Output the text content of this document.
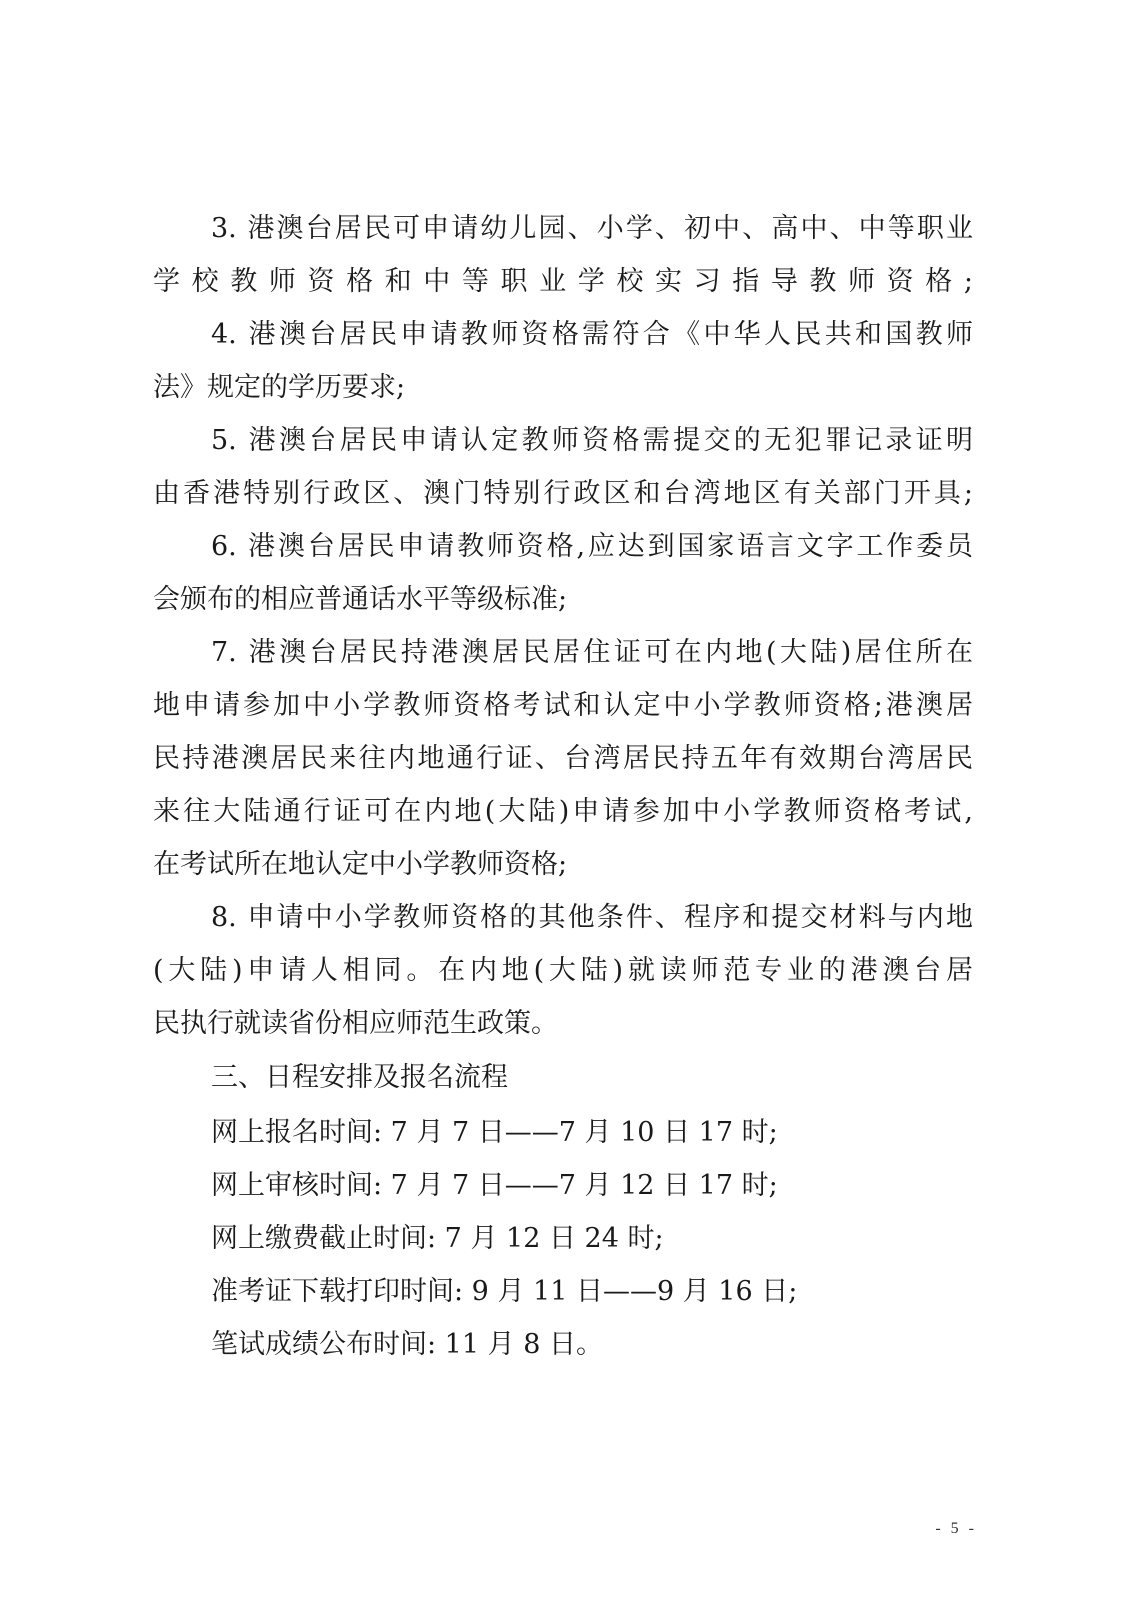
3. 港澳台居民可申请幼儿园、小学、初中、高中、中等职业
学校教师资格和中等职业学校实习指导教师资格;
4. 港澳台居民申请教师资格需符合《中华人民共和国教师
法》规定的学历要求;
5. 港澳台居民申请认定教师资格需提交的无犯罪记录证明
由香港特别行政区、澳门特别行政区和台湾地区有关部门开具;
6. 港澳台居民申请教师资格,应达到国家语言文字工作委员
会颁布的相应普通话水平等级标准;
7. 港澳台居民持港澳居民居住证可在内地(大陆)居住所在
地申请参加中小学教师资格考试和认定中小学教师资格;港澳居
民持港澳居民来往内地通行证、台湾居民持五年有效期台湾居民
来往大陆通行证可在内地(大陆)申请参加中小学教师资格考试,
在考试所在地认定中小学教师资格;
8. 申请中小学教师资格的其他条件、程序和提交材料与内地
(大陆)申请人相同。在内地(大陆)就读师范专业的港澳台居
民执行就读省份相应师范生政策。
三、日程安排及报名流程
网上报名时间: 7 月 7 日——7 月 10 日 17 时;
网上审核时间: 7 月 7 日——7 月 12 日 17 时;
网上缴费截止时间: 7 月 12 日 24 时;
准考证下载打印时间: 9 月 11 日——9 月 16 日;
笔试成绩公布时间: 11 月 8 日。
- 5 -
